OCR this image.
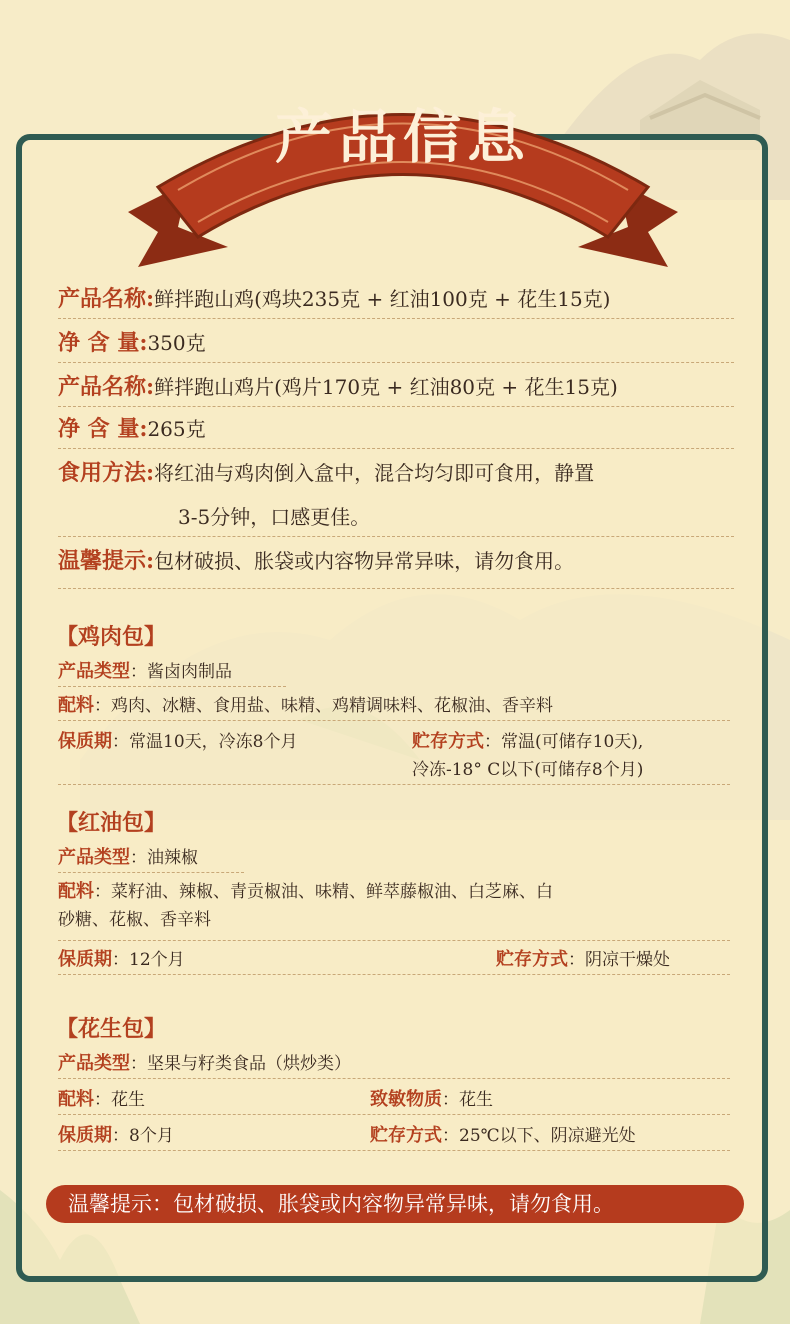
产品信息
产品名称:鲜拌跑山鸡(鸡块235克 + 红油100克 + 花生15克)
净 含 量:350克
产品名称:鲜拌跑山鸡片(鸡片170克 + 红油80克 + 花生15克)
净 含 量:265克
食用方法:将红油与鸡肉倒入盒中，混合均匀即可食用，静置
3-5分钟，口感更佳。
温馨提示:包材破损、胀袋或内容物异常异味，请勿食用。
【鸡肉包】
产品类型：酱卤肉制品
配料：鸡肉、冰糖、食用盐、味精、鸡精调味料、花椒油、香辛料
保质期：常温10天，冷冻8个月	贮存方式：常温(可储存10天),
冷冻-18° C以下(可储存8个月)
【红油包】
产品类型：油辣椒
配料：菜籽油、辣椒、青贡椒油、味精、鲜萃藤椒油、白芝麻、白
砂糖、花椒、香辛料
保质期：12个月	贮存方式：阴凉干燥处
【花生包】
产品类型：坚果与籽类食品（烘炒类）
配料：花生	致敏物质：花生
保质期：8个月	贮存方式：25℃以下、阴凉避光处
温馨提示：包材破损、胀袋或内容物异常异味，请勿食用。
